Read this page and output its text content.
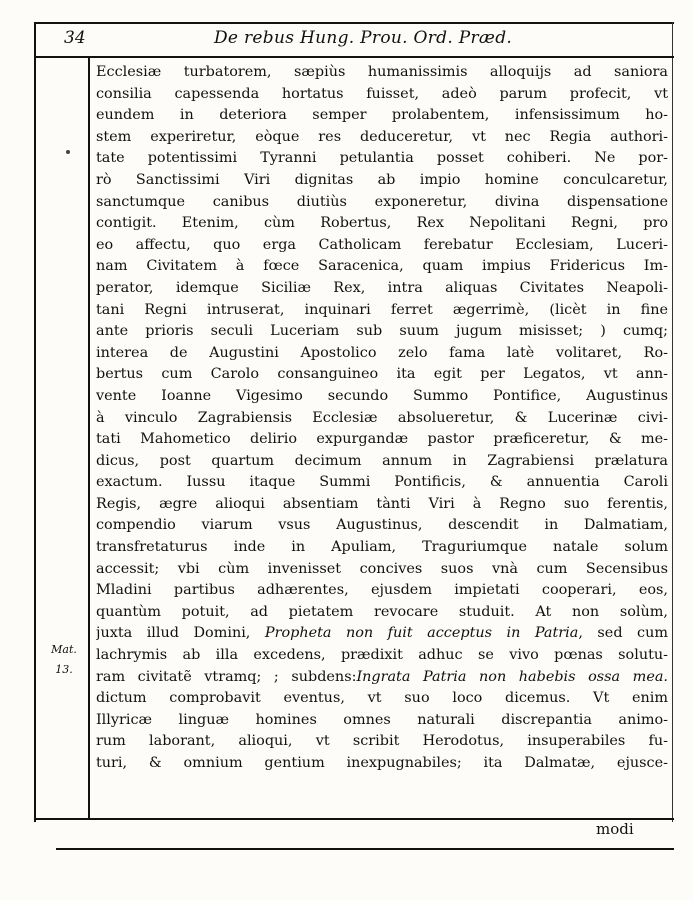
34	De rebus Hung. Prou. Ord. Præd.
Mat.
13.
Ecclesiæ turbatorem, sæpiùs humanissimis alloquijs ad saniora
consilia capessenda hortatus fuisset, adeò parum profecit, vt
eundem in deteriora semper prolabentem, infensissimum ho-
stem experiretur, eòque res deduceretur, vt nec Regia authori-
tate potentissimi Tyranni petulantia posset cohiberi. Ne por-
rò Sanctissimi Viri dignitas ab impio homine conculcaretur,
sanctumque canibus diutiùs exponeretur, divina dispensatione
contigit. Etenim, cùm Robertus, Rex Nepolitani Regni, pro
eo affectu, quo erga Catholicam ferebatur Ecclesiam, Luceri-
nam Civitatem à fœce Saracenica, quam impius Fridericus Im-
perator, idemque Siciliæ Rex, intra aliquas Civitates Neapoli-
tani Regni intruserat, inquinari ferret ægerrimè, (licèt in fine
ante prioris seculi Luceriam sub suum jugum misisset; ) cumq;
interea de Augustini Apostolico zelo fama latè volitaret, Ro-
bertus cum Carolo consanguineo ita egit per Legatos, vt ann-
vente Ioanne Vigesimo secundo Summo Pontifice, Augustinus
à vinculo Zagrabiensis Ecclesiæ absolueretur, & Lucerinæ civi-
tati Mahometico delirio expurgandæ pastor præficeretur, & me-
dicus, post quartum decimum annum in Zagrabiensi prælatura
exactum. Iussu itaque Summi Pontificis, & annuentia Caroli
Regis, ægre alioqui absentiam tànti Viri à Regno suo ferentis,
compendio viarum vsus Augustinus, descendit in Dalmatiam,
transfretaturus inde in Apuliam, Traguriumque natale solum
accessit; vbi cùm invenisset concives suos vnà cum Secensibus
Mladini partibus adhærentes, ejusdem impietati cooperari, eos,
quantùm potuit, ad pietatem revocare studuit. At non solùm,
juxta illud Domini, Propheta non fuit acceptus in Patria, sed cum
lachrymis ab illa excedens, prædixit adhuc se vivo pœnas solutu-
ram civitatẽ vtramq; ; subdens:Ingrata Patria non habebis ossa mea.
dictum comprobavit eventus, vt suo loco dicemus. Vt enim
Illyricæ linguæ homines omnes naturali discrepantia animo-
rum laborant, alioqui, vt scribit Herodotus, insuperabiles fu-
turi, & omnium gentium inexpugnabiles; ita Dalmatæ, ejusce-
modi
